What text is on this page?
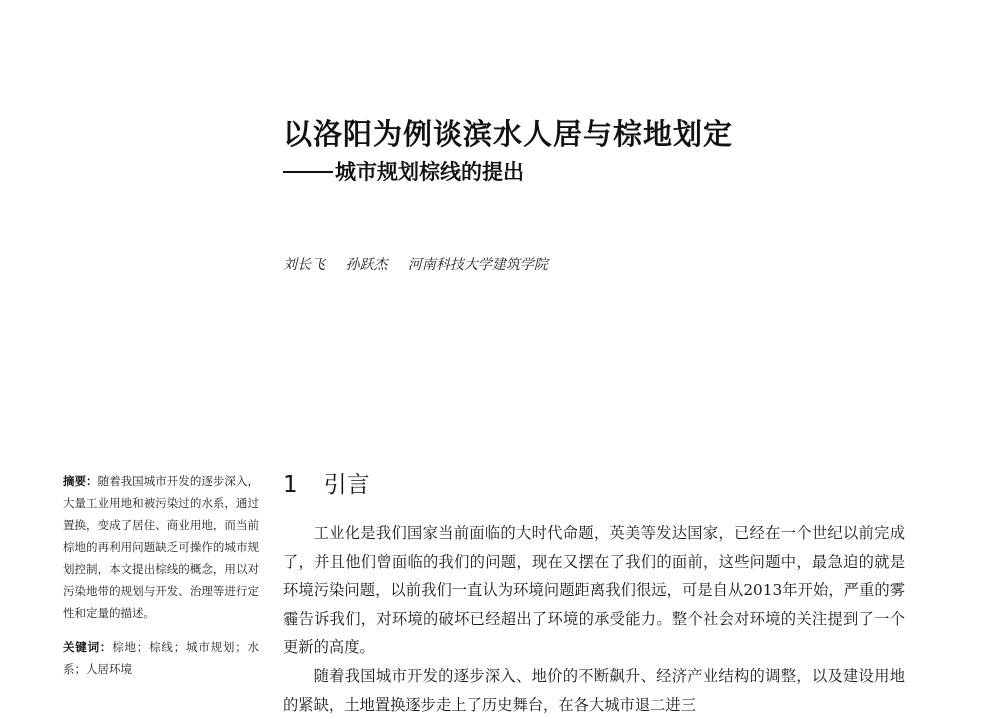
以洛阳为例谈滨水人居与棕地划定
城市规划棕线的提出
刘长飞 孙跃杰 河南科技大学建筑学院

摘要：随着我国城市开发的逐步深入，大量工业用地和被污染过的水系，通过置换，变成了居住、商业用地，而当前棕地的再利用问题缺乏可操作的城市规划控制，本文提出棕线的概念，用以对污染地带的规划与开发、治理等进行定性和定量的描述。

关键词：棕地；棕线；城市规划；水系；人居环境

1 引言

工业化是我们国家当前面临的大时代命题，英美等发达国家，已经在一个世纪以前完成了，并且他们曾面临的我们的问题，现在又摆在了我们的面前，这些问题中，最急迫的就是环境污染问题，以前我们一直认为环境问题距离我们很远，可是自从2013年开始，严重的雾霾告诉我们，对环境的破坏已经超出了环境的承受能力。整个社会对环境的关注提到了一个更新的高度。

随着我国城市开发的逐步深入、地价的不断飙升、经济产业结构的调整，以及建设用地的紧缺，土地置换逐步走上了历史舞台，在各大城市退二进三
